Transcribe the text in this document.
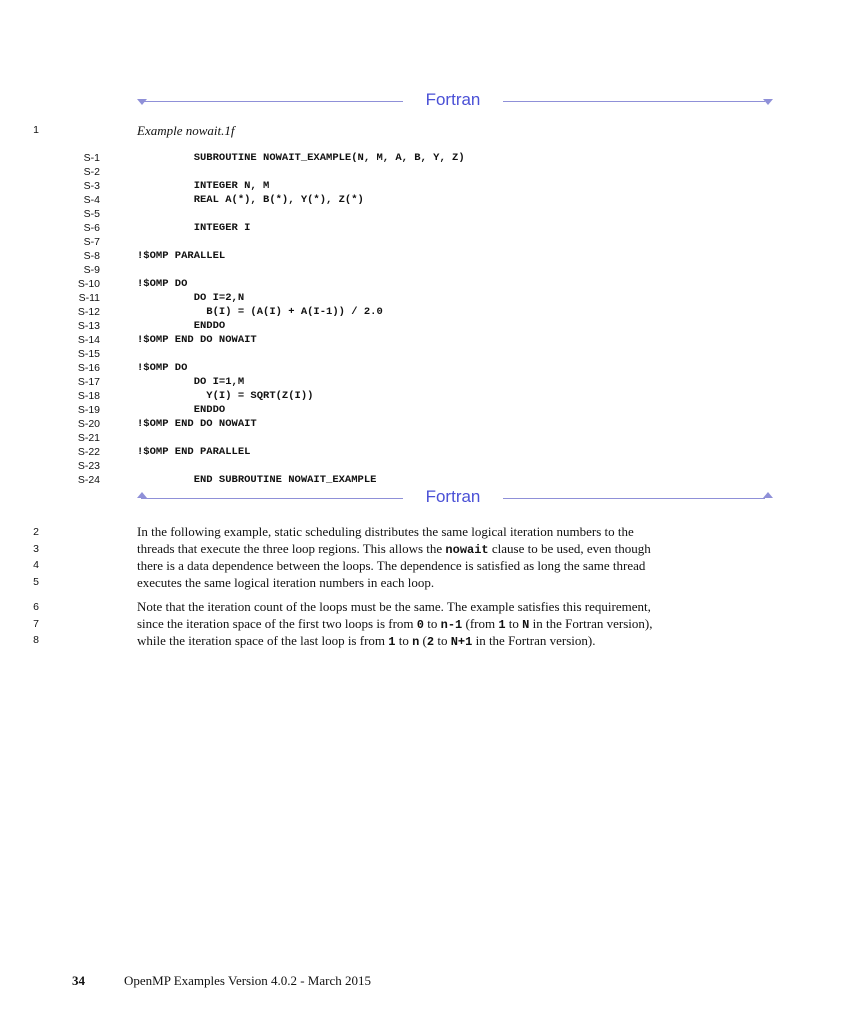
Fortran
1	Example nowait.1f
S-1	SUBROUTINE NOWAIT_EXAMPLE(N, M, A, B, Y, Z)
S-2
S-3	INTEGER N, M
S-4	REAL A(*), B(*), Y(*), Z(*)
S-5
S-6	INTEGER I
S-7
S-8	!$OMP PARALLEL
S-9
S-10	!$OMP DO
S-11	DO I=2,N
S-12	B(I) = (A(I) + A(I-1)) / 2.0
S-13	ENDDO
S-14	!$OMP END DO NOWAIT
S-15
S-16	!$OMP DO
S-17	DO I=1,M
S-18	Y(I) = SQRT(Z(I))
S-19	ENDDO
S-20	!$OMP END DO NOWAIT
S-21
S-22	!$OMP END PARALLEL
S-23
S-24	END SUBROUTINE NOWAIT_EXAMPLE
Fortran
2
3
4
5
In the following example, static scheduling distributes the same logical iteration numbers to the
threads that execute the three loop regions. This allows the nowait clause to be used, even though
there is a data dependence between the loops. The dependence is satisfied as long the same thread
executes the same logical iteration numbers in each loop.
6
7
8
Note that the iteration count of the loops must be the same. The example satisfies this requirement,
since the iteration space of the first two loops is from 0 to n-1 (from 1 to N in the Fortran version),
while the iteration space of the last loop is from 1 to n (2 to N+1 in the Fortran version).
34	OpenMP Examples Version 4.0.2 - March 2015
